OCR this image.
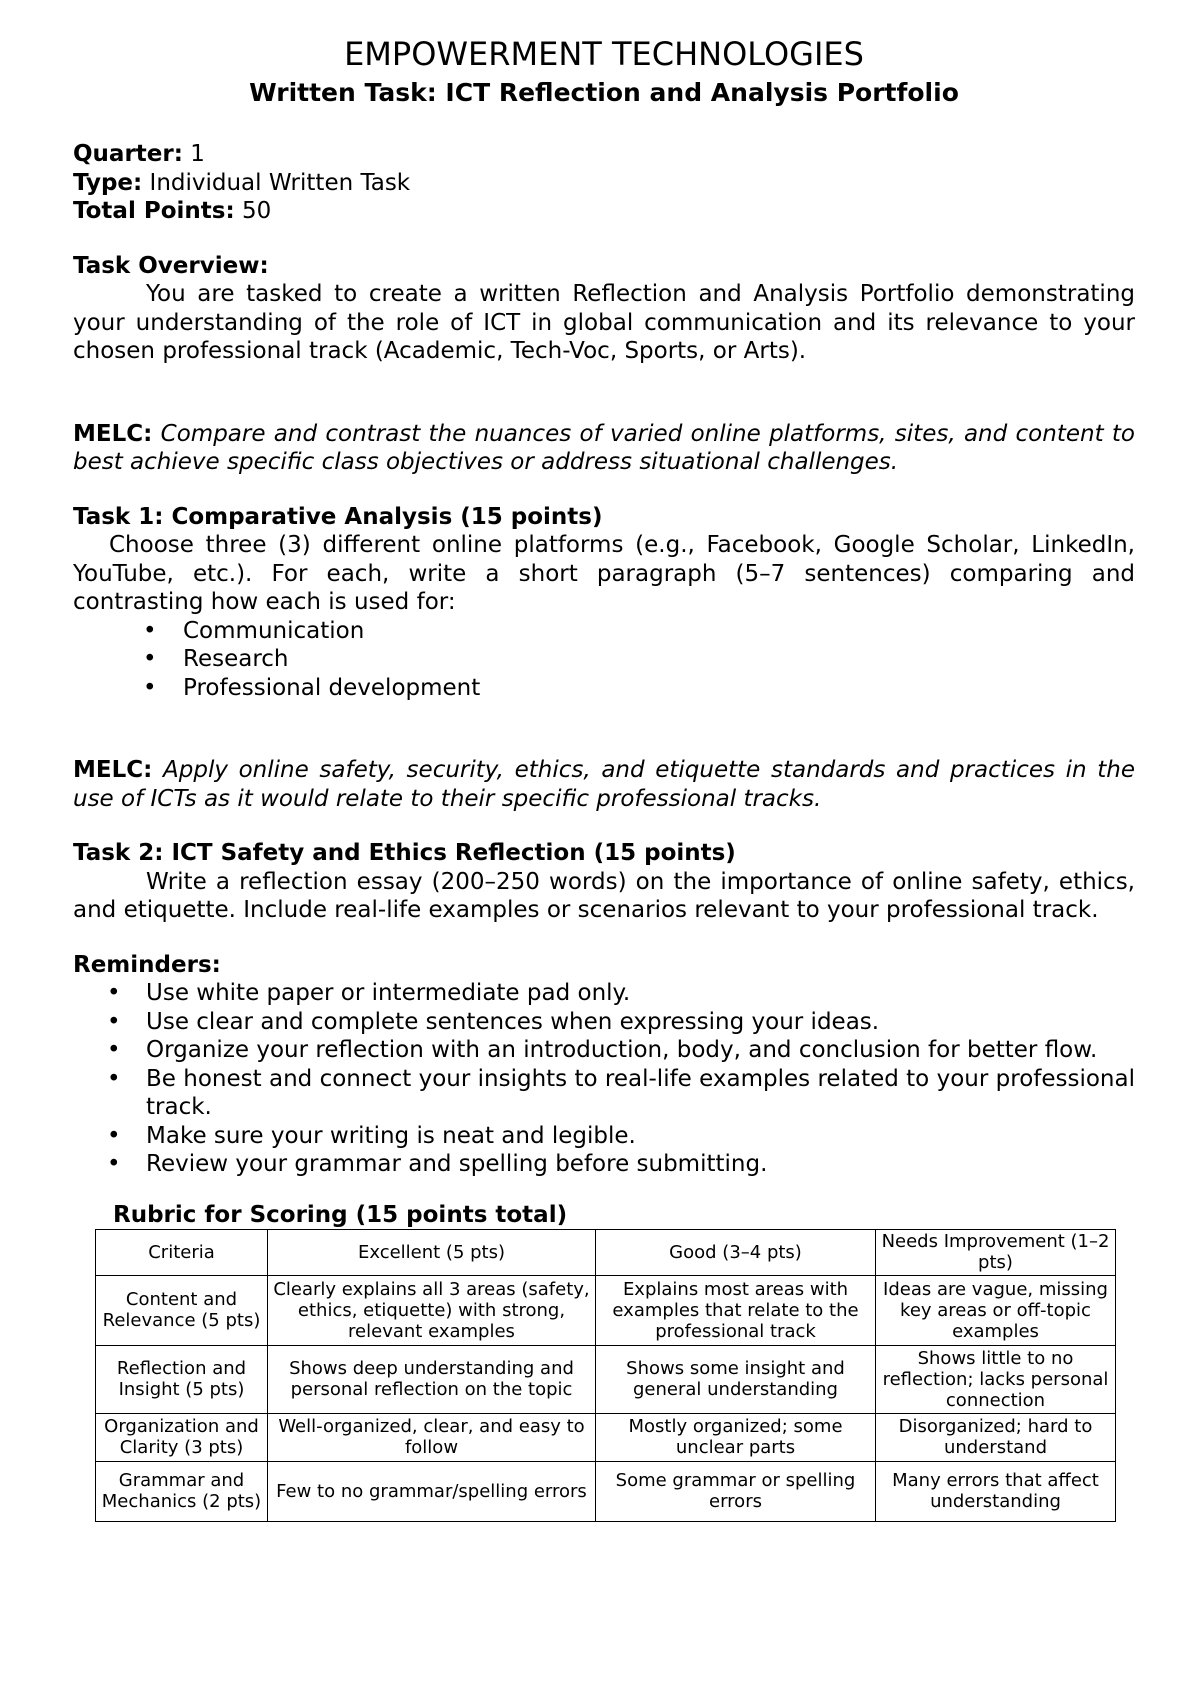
EMPOWERMENT TECHNOLOGIES
Written Task: ICT Reflection and Analysis Portfolio

Quarter: 1

Type: Individual Written Task

Total Points: 50

Task Overview:

You are tasked to create a written Reflection and Analysis Portfolio demonstrating your understanding of the role of ICT in global communication and its relevance to your chosen professional track (Academic, Tech-Voc, Sports, or Arts).

MELC: Compare and contrast the nuances of varied online platforms, sites, and content to best achieve specific class objectives or address situational challenges.

Task 1: Comparative Analysis (15 points)

Choose three (3) different online platforms (e.g., Facebook, Google Scholar, LinkedIn, YouTube, etc.). For each, write a short paragraph (5–7 sentences) comparing and contrasting how each is used for:

• Communication
• Research
• Professional development

MELC: Apply online safety, security, ethics, and etiquette standards and practices in the use of ICTs as it would relate to their specific professional tracks.

Task 2: ICT Safety and Ethics Reflection (15 points)

Write a reflection essay (200–250 words) on the importance of online safety, ethics, and etiquette. Include real-life examples or scenarios relevant to your professional track.

Reminders:

• Use white paper or intermediate pad only.
• Use clear and complete sentences when expressing your ideas.
• Organize your reflection with an introduction, body, and conclusion for better flow.
• Be honest and connect your insights to real-life examples related to your professional track.
• Make sure your writing is neat and legible.
• Review your grammar and spelling before submitting.

Rubric for Scoring (15 points total)

Criteria	Excellent (5 pts)	Good (3–4 pts)	Needs Improvement (1–2 pts)
Content and Relevance (5 pts)	Clearly explains all 3 areas (safety, ethics, etiquette) with strong, relevant examples	Explains most areas with examples that relate to the professional track	Ideas are vague, missing key areas or off-topic examples
Reflection and Insight (5 pts)	Shows deep understanding and personal reflection on the topic	Shows some insight and general understanding	Shows little to no reflection; lacks personal connection
Organization and Clarity (3 pts)	Well-organized, clear, and easy to follow	Mostly organized; some unclear parts	Disorganized; hard to understand
Grammar and Mechanics (2 pts)	Few to no grammar/spelling errors	Some grammar or spelling errors	Many errors that affect understanding
